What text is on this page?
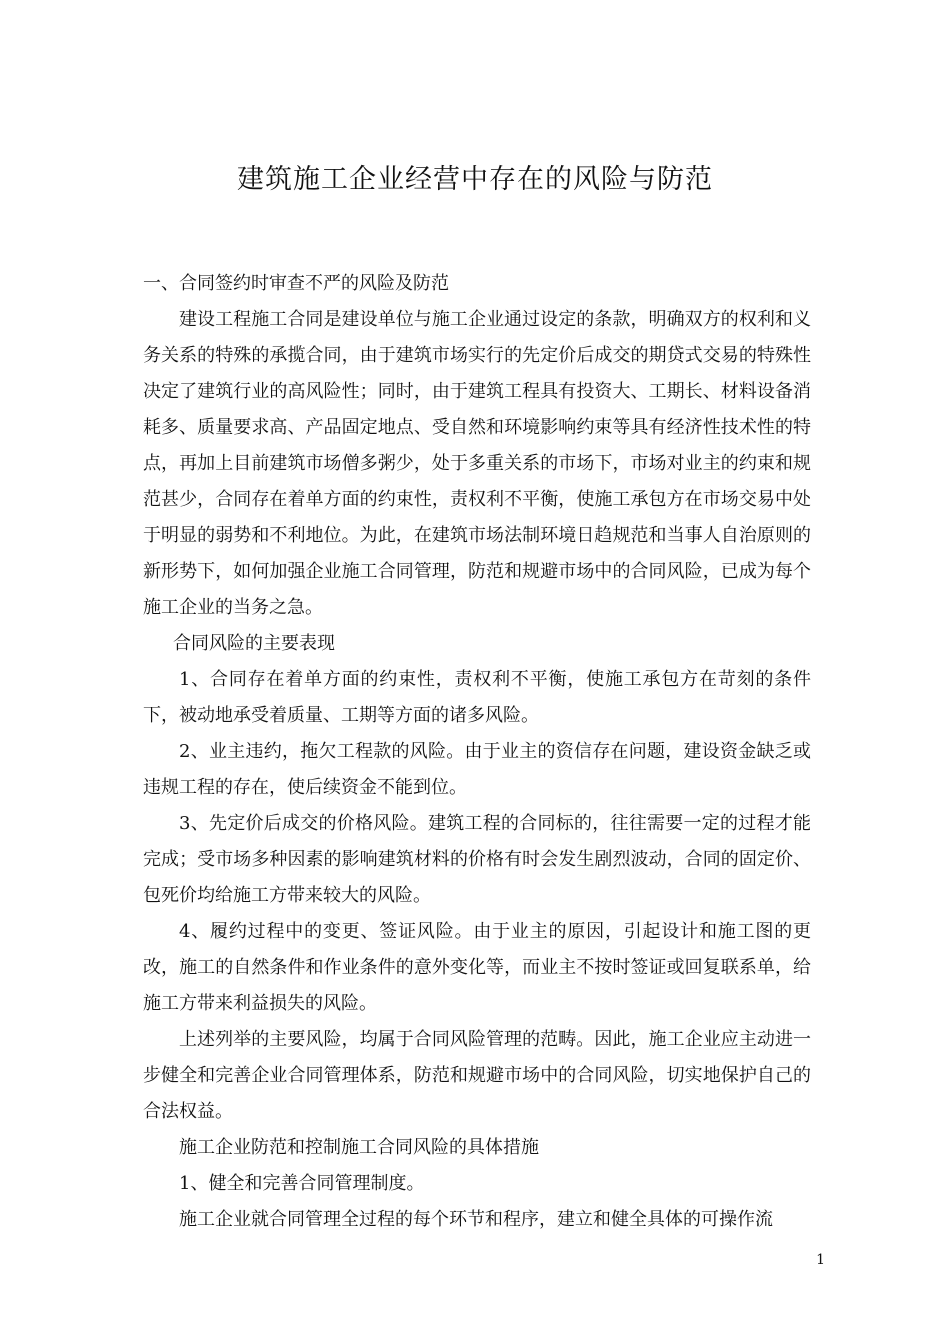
建筑施工企业经营中存在的风险与防范

一、合同签约时审查不严的风险及防范

建设工程施工合同是建设单位与施工企业通过设定的条款，明确双方的权利和义务关系的特殊的承揽合同，由于建筑市场实行的先定价后成交的期贷式交易的特殊性决定了建筑行业的高风险性；同时，由于建筑工程具有投资大、工期长、材料设备消耗多、质量要求高、产品固定地点、受自然和环境影响约束等具有经济性技术性的特点，再加上目前建筑市场僧多粥少，处于多重关系的市场下，市场对业主的约束和规范甚少，合同存在着单方面的约束性，责权利不平衡，使施工承包方在市场交易中处于明显的弱势和不利地位。为此，在建筑市场法制环境日趋规范和当事人自治原则的新形势下，如何加强企业施工合同管理，防范和规避市场中的合同风险，已成为每个施工企业的当务之急。

合同风险的主要表现

1、合同存在着单方面的约束性，责权利不平衡，使施工承包方在苛刻的条件下，被动地承受着质量、工期等方面的诸多风险。

2、业主违约，拖欠工程款的风险。由于业主的资信存在问题，建设资金缺乏或违规工程的存在，使后续资金不能到位。

3、先定价后成交的价格风险。建筑工程的合同标的，往往需要一定的过程才能完成；受市场多种因素的影响建筑材料的价格有时会发生剧烈波动，合同的固定价、包死价均给施工方带来较大的风险。

4、履约过程中的变更、签证风险。由于业主的原因，引起设计和施工图的更改，施工的自然条件和作业条件的意外变化等，而业主不按时签证或回复联系单，给施工方带来利益损失的风险。

上述列举的主要风险，均属于合同风险管理的范畴。因此，施工企业应主动进一步健全和完善企业合同管理体系，防范和规避市场中的合同风险，切实地保护自己的合法权益。

施工企业防范和控制施工合同风险的具体措施

1、健全和完善合同管理制度。

施工企业就合同管理全过程的每个环节和程序，建立和健全具体的可操作流

1
